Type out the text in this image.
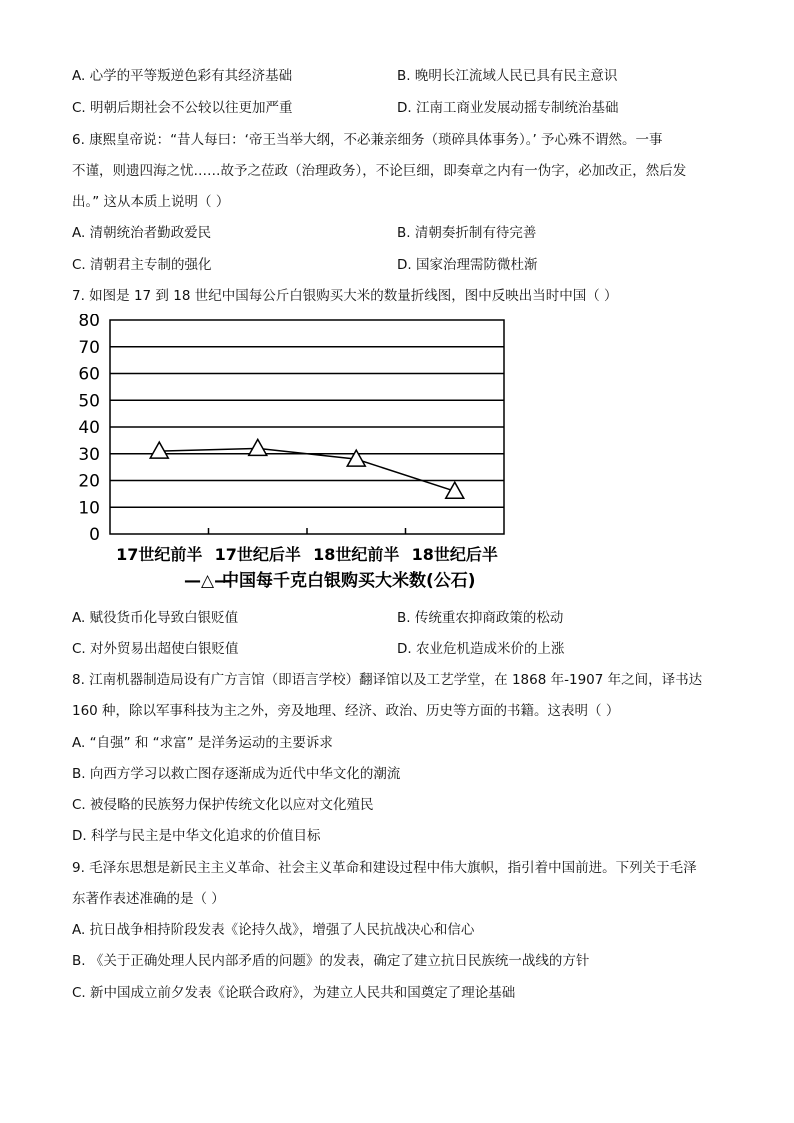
A. 心学的平等叛逆色彩有其经济基础	B. 晚明长江流域人民已具有民主意识
C. 明朝后期社会不公较以往更加严重	D. 江南工商业发展动摇专制统治基础
6. 康熙皇帝说：“昔人每曰：‘帝王当举大纲，不必兼亲细务（琐碎具体事务）。’ 予心殊不谓然。一事
不谨，则遗四海之忧……故予之莅政（治理政务），不论巨细，即奏章之内有一伪字，必加改正，然后发
出。” 这从本质上说明（ ）
A. 清朝统治者勤政爱民	B. 清朝奏折制有待完善
C. 清朝君主专制的强化	D. 国家治理需防微杜渐
7. 如图是 17 到 18 世纪中国每公斤白银购买大米的数量折线图，图中反映出当时中国（ ）
0
10
20
30
40
50
60
70
80
17世纪前半 17世纪后半 18世纪前半 18世纪后半
—△—
中国每千克白银购买大米数(公石)
A. 赋役货币化导致白银贬值	B. 传统重农抑商政策的松动
C. 对外贸易出超使白银贬值	D. 农业危机造成米价的上涨
8. 江南机器制造局设有广方言馆（即语言学校）翻译馆以及工艺学堂，在 1868 年-1907 年之间，译书达
160 种，除以军事科技为主之外，旁及地理、经济、政治、历史等方面的书籍。这表明（ ）
A. “自强” 和 “求富” 是洋务运动的主要诉求
B. 向西方学习以救亡图存逐渐成为近代中华文化的潮流
C. 被侵略的民族努力保护传统文化以应对文化殖民
D. 科学与民主是中华文化追求的价值目标
9. 毛泽东思想是新民主主义革命、社会主义革命和建设过程中伟大旗帜，指引着中国前进。下列关于毛泽
东著作表述准确的是（ ）
A. 抗日战争相持阶段发表《论持久战》，增强了人民抗战决心和信心
B. 《关于正确处理人民内部矛盾的问题》的发表，确定了建立抗日民族统一战线的方针
C. 新中国成立前夕发表《论联合政府》，为建立人民共和国奠定了理论基础
